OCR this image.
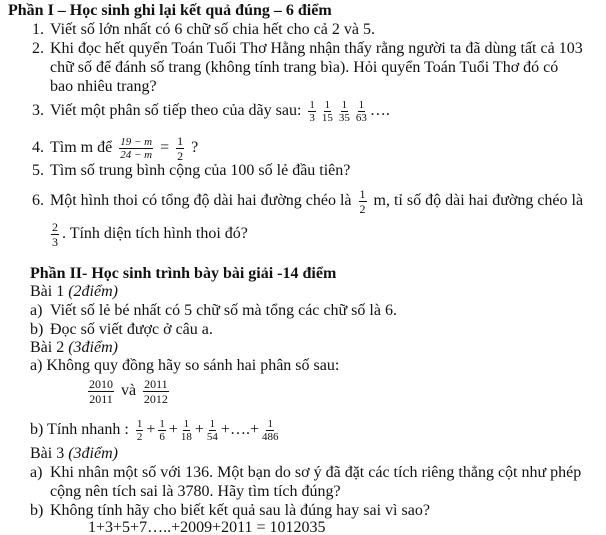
Phần I – Học sinh ghi lại kết quả đúng – 6 điểm
1. Viết số lớn nhất có 6 chữ số chia hết cho cả 2 và 5.
2. Khi đọc hết quyển Toán Tuổi Thơ Hằng nhận thấy rằng người ta đã dùng tất cả 103
chữ số để đánh số trang (không tính trang bìa). Hỏi quyển Toán Tuổi Thơ đó có
bao nhiêu trang?
3. Viết một phân số tiếp theo của dãy sau: $\frac{1}{3} \frac{1}{15} \frac{1}{35} \frac{1}{63}$ ….
4. Tìm m để $\frac{19 - m}{24 - m} = \frac{1}{2}$ ?
5. Tìm số trung bình cộng của 100 số lẻ đầu tiên?
6. Một hình thoi có tổng độ dài hai đường chéo là $\frac{1}{2} m$, tỉ số độ dài hai đường chéo là
$\frac{2}{3}$ . Tính diện tích hình thoi đó?
Phần II- Học sinh trình bày bài giải -14 điểm
Bài 1 (2điểm)
a) Viết số lẻ bé nhất có 5 chữ số mà tổng các chữ số là 6.
b) Đọc số viết được ở câu a.
Bài 2 (3điểm)
a) Không quy đồng hãy so sánh hai phân số sau:
$\frac{2010}{2011}$ và $\frac{2011}{2012}$
b) Tính nhanh : $\frac{1}{2} + \frac{1}{6} + \frac{1}{18} + \frac{1}{54}$ +….+ $\frac{1}{486}$
Bài 3 (3điểm)
a) Khi nhân một số với 136. Một bạn do sơ ý đã đặt các tích riêng thẳng cột như phép
cộng nên tích sai là 3780. Hãy tìm tích đúng?
b) Không tính hãy cho biết kết quả sau là đúng hay sai vì sao?
1+3+5+7…..+2009+2011 = 1012035
